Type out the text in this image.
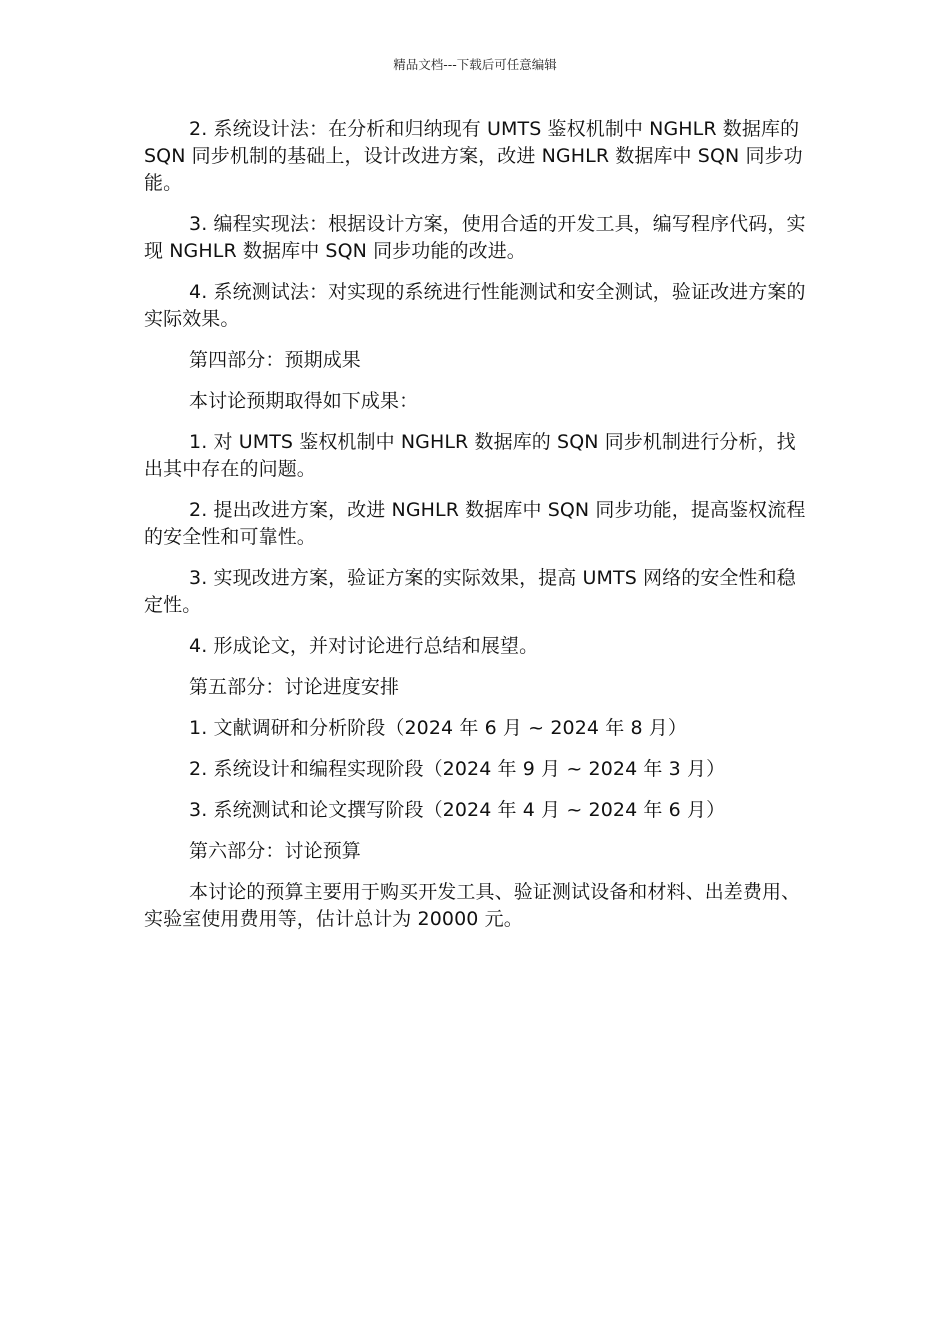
精品文档---下载后可任意编辑

2. 系统设计法：在分析和归纳现有 UMTS 鉴权机制中 NGHLR 数据库的 SQN 同步机制的基础上，设计改进方案，改进 NGHLR 数据库中 SQN 同步功能。

3. 编程实现法：根据设计方案，使用合适的开发工具，编写程序代码，实现 NGHLR 数据库中 SQN 同步功能的改进。

4. 系统测试法：对实现的系统进行性能测试和安全测试，验证改进方案的实际效果。

第四部分：预期成果

本讨论预期取得如下成果：

1. 对 UMTS 鉴权机制中 NGHLR 数据库的 SQN 同步机制进行分析，找出其中存在的问题。

2. 提出改进方案，改进 NGHLR 数据库中 SQN 同步功能，提高鉴权流程的安全性和可靠性。

3. 实现改进方案，验证方案的实际效果，提高 UMTS 网络的安全性和稳定性。

4. 形成论文，并对讨论进行总结和展望。

第五部分：讨论进度安排

1. 文献调研和分析阶段（2024 年 6 月 ~ 2024 年 8 月）

2. 系统设计和编程实现阶段（2024 年 9 月 ~ 2024 年 3 月）

3. 系统测试和论文撰写阶段（2024 年 4 月 ~ 2024 年 6 月）

第六部分：讨论预算

本讨论的预算主要用于购买开发工具、验证测试设备和材料、出差费用、实验室使用费用等，估计总计为 20000 元。
